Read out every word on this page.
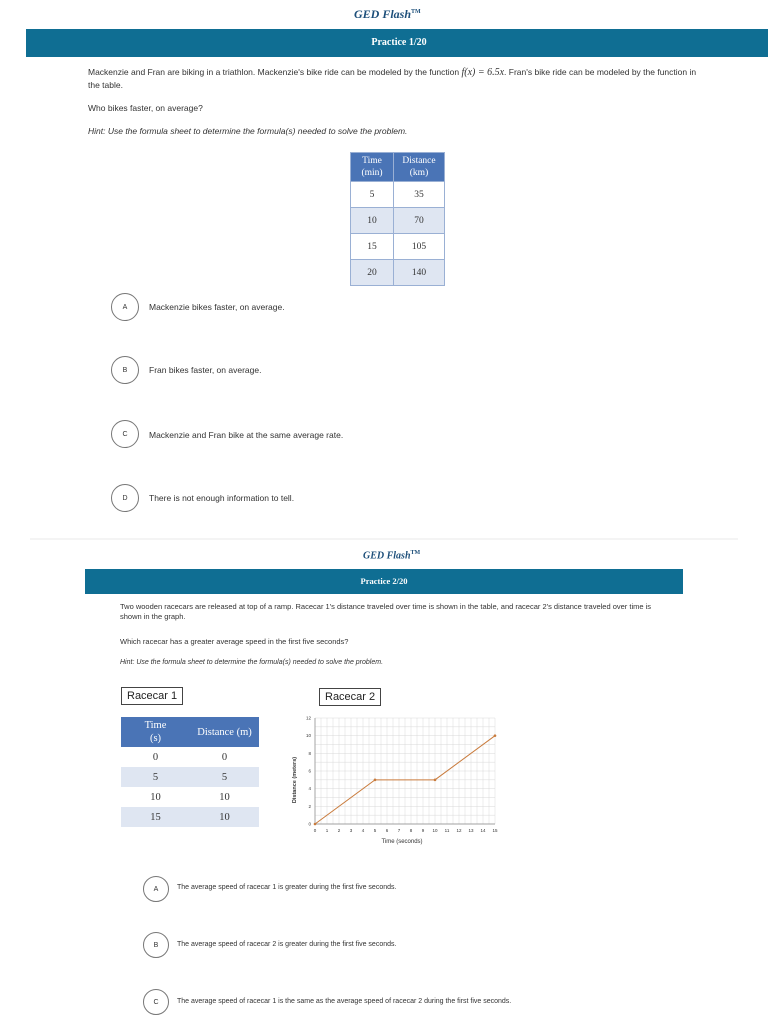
GED Flash™
Practice 1/20
Mackenzie and Fran are biking in a triathlon. Mackenzie's bike ride can be modeled by the function f(x) = 6.5x. Fran's bike ride can be modeled by the function in the table.
Who bikes faster, on average?
Hint: Use the formula sheet to determine the formula(s) needed to solve the problem.
Time (min)	Distance (km)
5	35
10	70
15	105
20	140
A	Mackenzie bikes faster, on average.
B	Fran bikes faster, on average.
C	Mackenzie and Fran bike at the same average rate.
D	There is not enough information to tell.
GED Flash™
Practice 2/20
Two wooden racecars are released at top of a ramp. Racecar 1's distance traveled over time is shown in the table, and racecar 2's distance traveled over time is shown in the graph.
Which racecar has a greater average speed in the first five seconds?
Hint: Use the formula sheet to determine the formula(s) needed to solve the problem.
Racecar 1	Racecar 2
Time (s)	Distance (m)
0	0
5	5
10	10
15	10
0 1 2 3 4 5 6 7 8 9 10 11 12 13 14 15
0
2
4
6
8
10
12
Time (seconds)
Distance (meters)
A	The average speed of racecar 1 is greater during the first five seconds.
B	The average speed of racecar 2 is greater during the first five seconds.
C	The average speed of racecar 1 is the same as the average speed of racecar 2 during the first five seconds.
